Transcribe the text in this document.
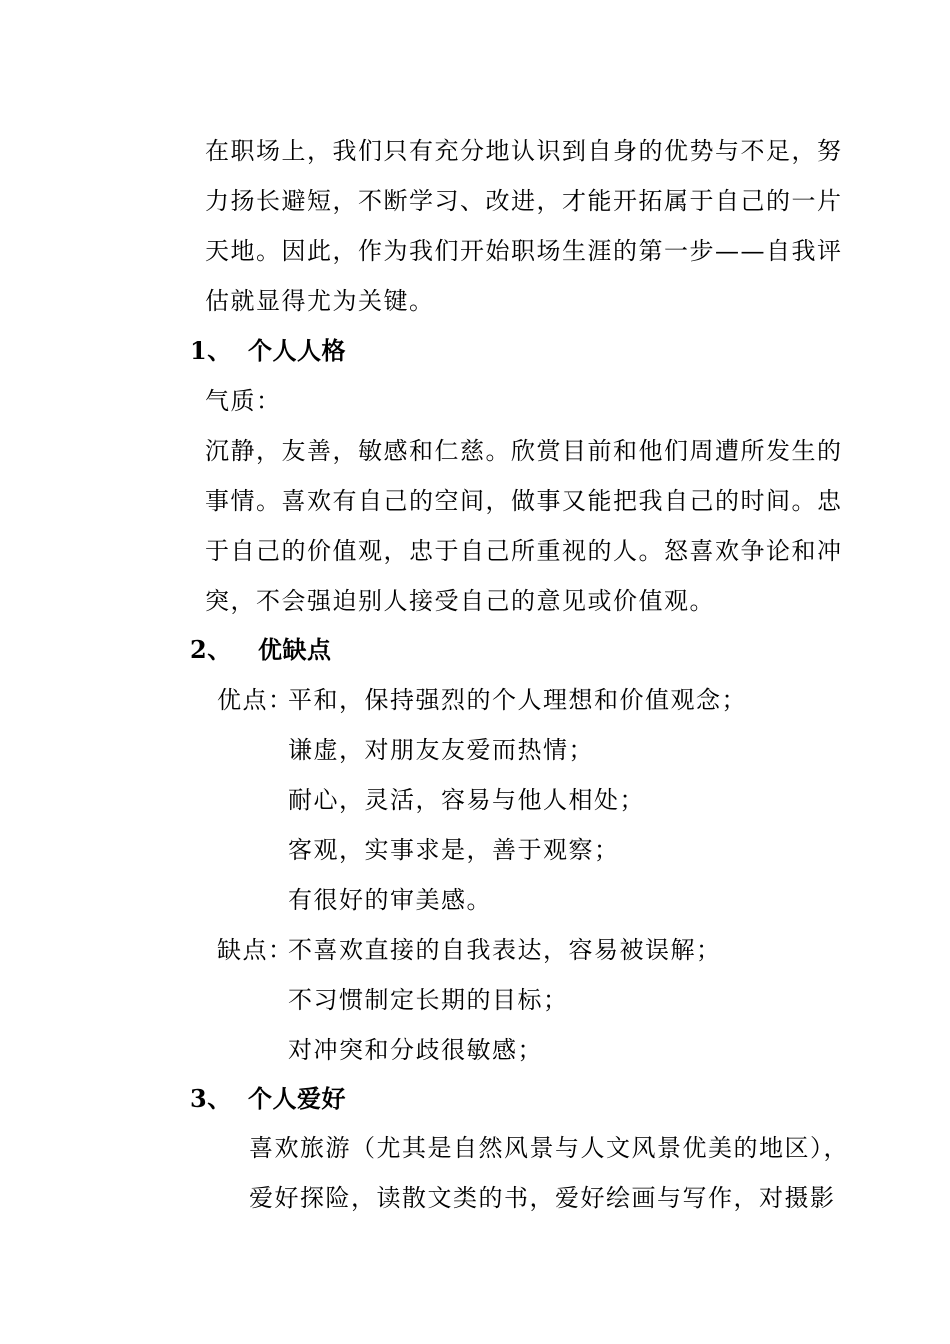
在职场上，我们只有充分地认识到自身的优势与不足，努
力扬长避短，不断学习、改进，才能开拓属于自己的一片
天地。因此，作为我们开始职场生涯的第一步——自我评
估就显得尤为关键。
1、 个人人格
气质：
沉静，友善，敏感和仁慈。欣赏目前和他们周遭所发生的
事情。喜欢有自己的空间，做事又能把我自己的时间。忠
于自己的价值观，忠于自己所重视的人。怒喜欢争论和冲
突，不会强迫别人接受自己的意见或价值观。
2、 优缺点
优点：
平和，保持强烈的个人理想和价值观念；
谦虚，对朋友友爱而热情；
耐心，灵活，容易与他人相处；
客观，实事求是，善于观察；
有很好的审美感。
缺点：
不喜欢直接的自我表达，容易被误解；
不习惯制定长期的目标；
对冲突和分歧很敏感；
3、 个人爱好
喜欢旅游（尤其是自然风景与人文风景优美的地区），
爱好探险，读散文类的书，爱好绘画与写作，对摄影
